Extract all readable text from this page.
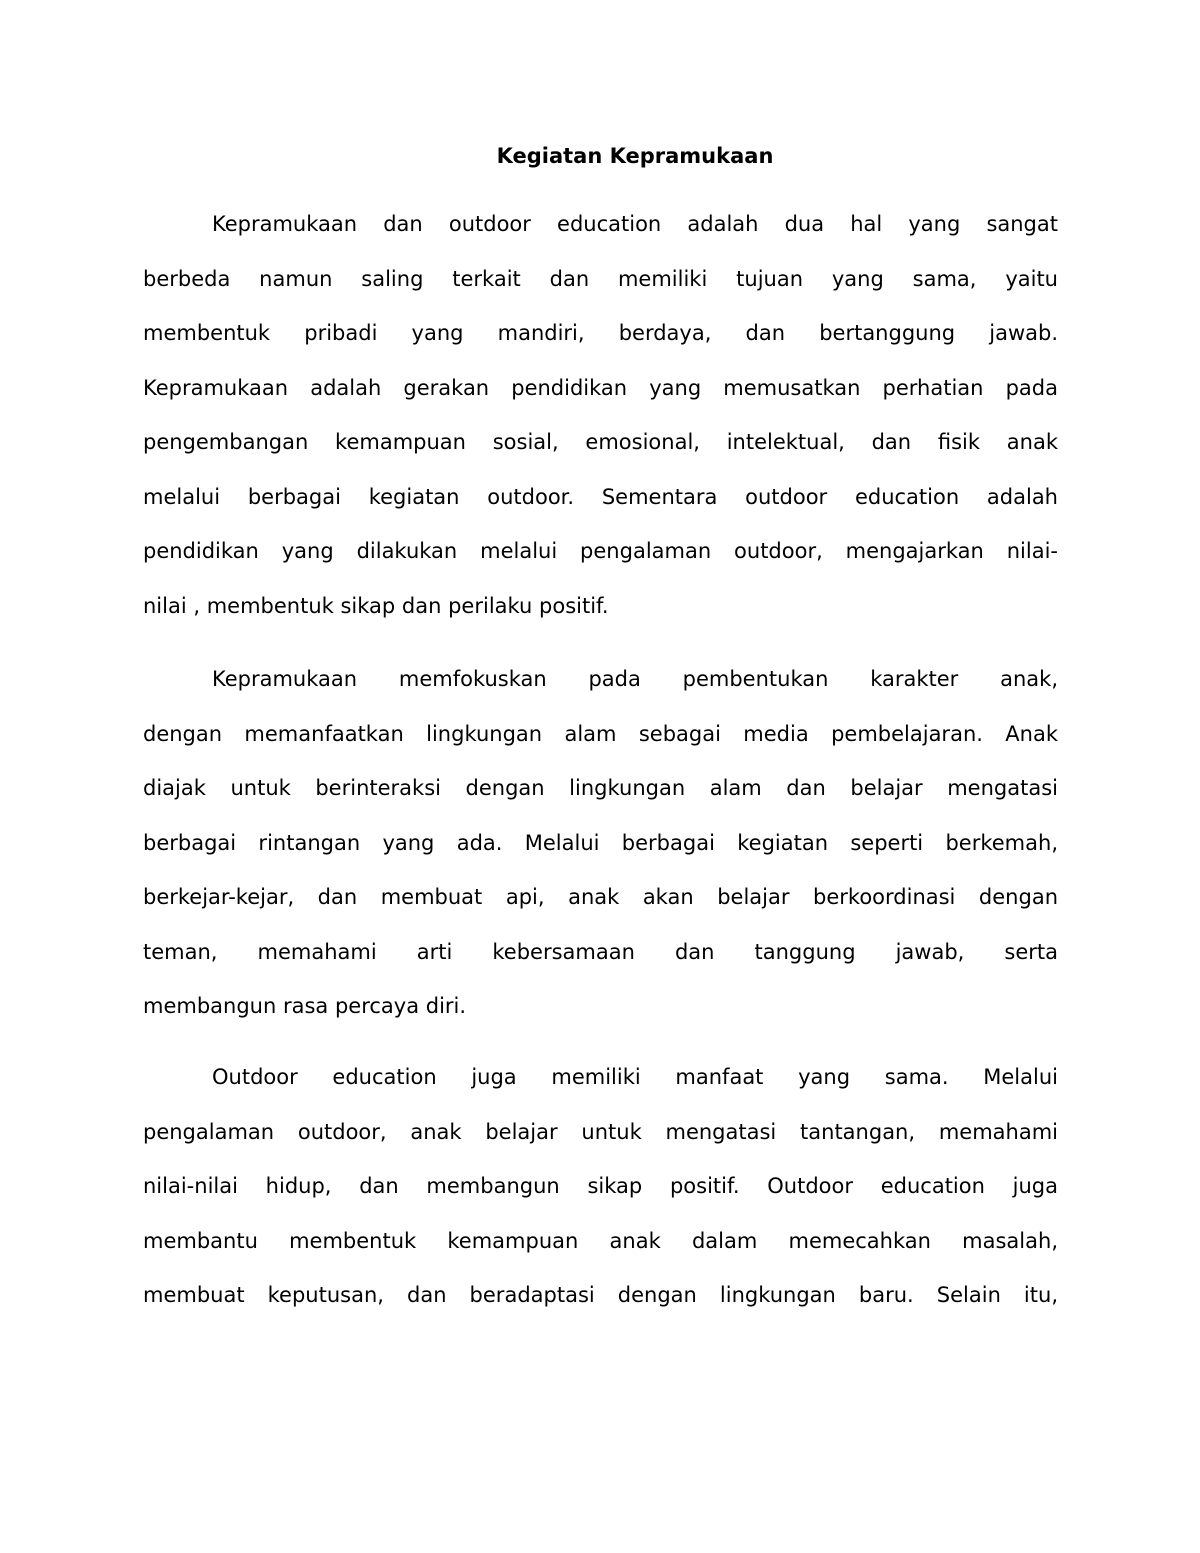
Kegiatan Kepramukaan
Kepramukaan dan outdoor education adalah dua hal yang sangat
berbeda namun saling terkait dan memiliki tujuan yang sama, yaitu
membentuk pribadi yang mandiri, berdaya, dan bertanggung jawab.
Kepramukaan adalah gerakan pendidikan yang memusatkan perhatian pada
pengembangan kemampuan sosial, emosional, intelektual, dan fisik anak
melalui berbagai kegiatan outdoor. Sementara outdoor education adalah
pendidikan yang dilakukan melalui pengalaman outdoor, mengajarkan nilai-
nilai , membentuk sikap dan perilaku positif.
Kepramukaan memfokuskan pada pembentukan karakter anak,
dengan memanfaatkan lingkungan alam sebagai media pembelajaran. Anak
diajak untuk berinteraksi dengan lingkungan alam dan belajar mengatasi
berbagai rintangan yang ada. Melalui berbagai kegiatan seperti berkemah,
berkejar-kejar, dan membuat api, anak akan belajar berkoordinasi dengan
teman, memahami arti kebersamaan dan tanggung jawab, serta
membangun rasa percaya diri.
Outdoor education juga memiliki manfaat yang sama. Melalui
pengalaman outdoor, anak belajar untuk mengatasi tantangan, memahami
nilai-nilai hidup, dan membangun sikap positif. Outdoor education juga
membantu membentuk kemampuan anak dalam memecahkan masalah,
membuat keputusan, dan beradaptasi dengan lingkungan baru. Selain itu,
